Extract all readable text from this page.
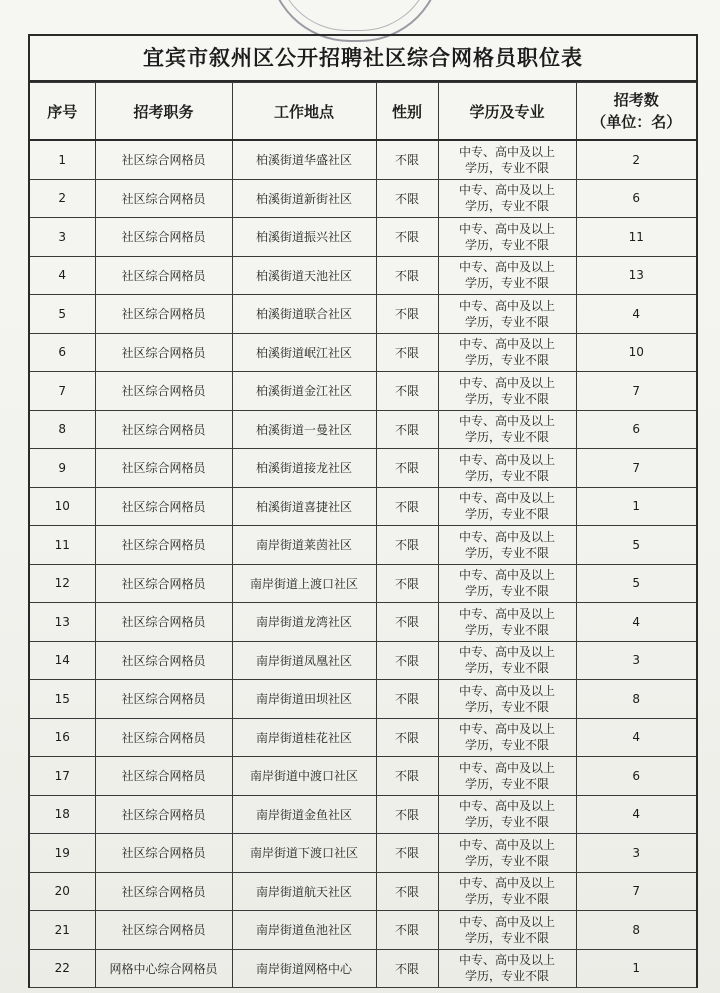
宜宾市叙州区公开招聘社区综合网格员职位表
序号	招考职务	工作地点	性别	学历及专业	招考数
（单位：名）

1	社区综合网格员	柏溪街道华盛社区	不限	中专、高中及以上
学历，专业不限	2
2	社区综合网格员	柏溪街道新街社区	不限	中专、高中及以上
学历，专业不限	6
3	社区综合网格员	柏溪街道振兴社区	不限	中专、高中及以上
学历，专业不限	11
4	社区综合网格员	柏溪街道天池社区	不限	中专、高中及以上
学历，专业不限	13
5	社区综合网格员	柏溪街道联合社区	不限	中专、高中及以上
学历，专业不限	4
6	社区综合网格员	柏溪街道岷江社区	不限	中专、高中及以上
学历，专业不限	10
7	社区综合网格员	柏溪街道金江社区	不限	中专、高中及以上
学历，专业不限	7
8	社区综合网格员	柏溪街道一曼社区	不限	中专、高中及以上
学历，专业不限	6
9	社区综合网格员	柏溪街道接龙社区	不限	中专、高中及以上
学历，专业不限	7
10	社区综合网格员	柏溪街道喜捷社区	不限	中专、高中及以上
学历，专业不限	1
11	社区综合网格员	南岸街道莱茵社区	不限	中专、高中及以上
学历，专业不限	5
12	社区综合网格员	南岸街道上渡口社区	不限	中专、高中及以上
学历，专业不限	5
13	社区综合网格员	南岸街道龙湾社区	不限	中专、高中及以上
学历，专业不限	4
14	社区综合网格员	南岸街道凤凰社区	不限	中专、高中及以上
学历，专业不限	3
15	社区综合网格员	南岸街道田坝社区	不限	中专、高中及以上
学历，专业不限	8
16	社区综合网格员	南岸街道桂花社区	不限	中专、高中及以上
学历，专业不限	4
17	社区综合网格员	南岸街道中渡口社区	不限	中专、高中及以上
学历，专业不限	6
18	社区综合网格员	南岸街道金鱼社区	不限	中专、高中及以上
学历，专业不限	4
19	社区综合网格员	南岸街道下渡口社区	不限	中专、高中及以上
学历，专业不限	3
20	社区综合网格员	南岸街道航天社区	不限	中专、高中及以上
学历，专业不限	7
21	社区综合网格员	南岸街道鱼池社区	不限	中专、高中及以上
学历，专业不限	8
22	网格中心综合网格员	南岸街道网格中心	不限	中专、高中及以上
学历，专业不限	1
